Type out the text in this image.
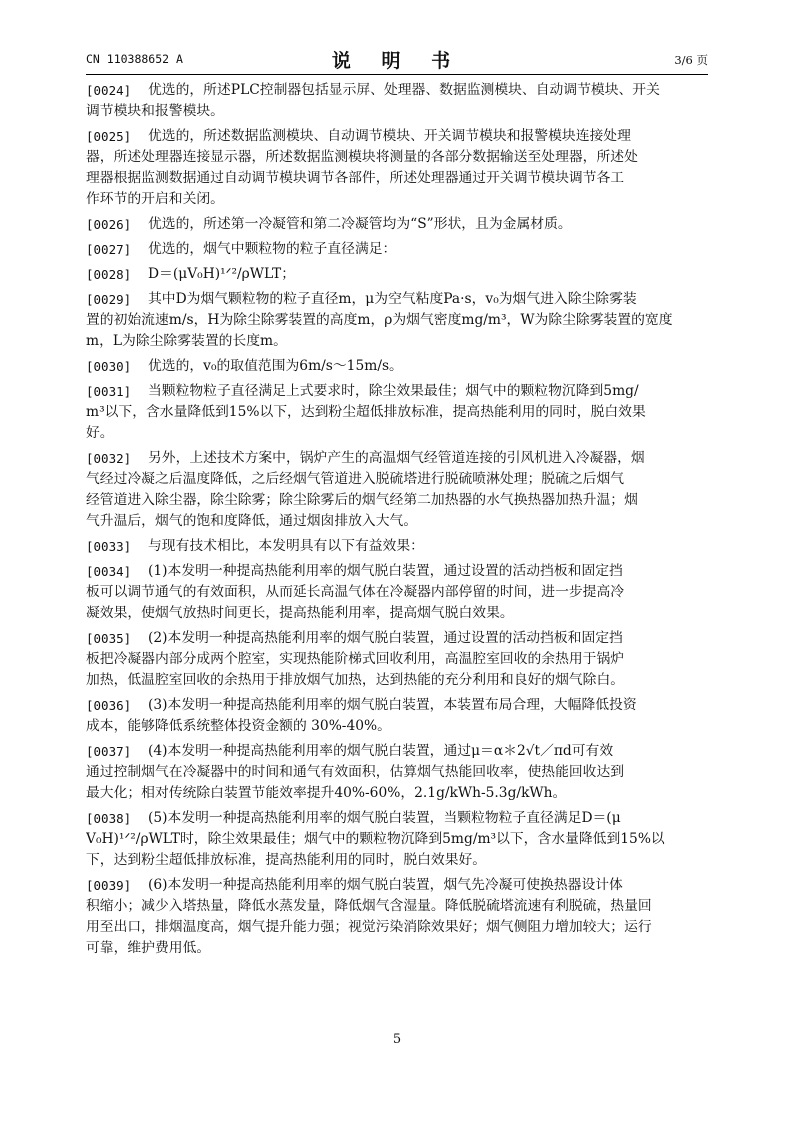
CN 110388652 A	说 明 书	3/6 页
[0024] 优选的，所述PLC控制器包括显示屏、处理器、数据监测模块、自动调节模块、开关
调节模块和报警模块。
[0025] 优选的，所述数据监测模块、自动调节模块、开关调节模块和报警模块连接处理
器，所述处理器连接显示器，所述数据监测模块将测量的各部分数据输送至处理器，所述处
理器根据监测数据通过自动调节模块调节各部件，所述处理器通过开关调节模块调节各工
作环节的开启和关闭。
[0026] 优选的，所述第一冷凝管和第二冷凝管均为“S”形状，且为金属材质。
[0027] 优选的，烟气中颗粒物的粒子直径满足：
[0028] D＝(μV₀H)¹ᐟ²/ρWLT；
[0029] 其中D为烟气颗粒物的粒子直径m，μ为空气粘度Pa·s，v₀为烟气进入除尘除雾装
置的初始流速m/s，H为除尘除雾装置的高度m，ρ为烟气密度mg/m³，W为除尘除雾装置的宽度
m，L为除尘除雾装置的长度m。
[0030] 优选的，v₀的取值范围为6m/s～15m/s。
[0031] 当颗粒物粒子直径满足上式要求时，除尘效果最佳；烟气中的颗粒物沉降到5mg/
m³以下，含水量降低到15%以下，达到粉尘超低排放标准，提高热能利用的同时，脱白效果
好。
[0032] 另外，上述技术方案中，锅炉产生的高温烟气经管道连接的引风机进入冷凝器，烟
气经过冷凝之后温度降低，之后经烟气管道进入脱硫塔进行脱硫喷淋处理；脱硫之后烟气
经管道进入除尘器，除尘除雾；除尘除雾后的烟气经第二加热器的水气换热器加热升温；烟
气升温后，烟气的饱和度降低，通过烟囱排放入大气。
[0033] 与现有技术相比，本发明具有以下有益效果：
[0034] (1)本发明一种提高热能利用率的烟气脱白装置，通过设置的活动挡板和固定挡
板可以调节通气的有效面积，从而延长高温气体在冷凝器内部停留的时间，进一步提高冷
凝效果，使烟气放热时间更长，提高热能利用率，提高烟气脱白效果。
[0035] (2)本发明一种提高热能利用率的烟气脱白装置，通过设置的活动挡板和固定挡
板把冷凝器内部分成两个腔室，实现热能阶梯式回收利用，高温腔室回收的余热用于锅炉
加热，低温腔室回收的余热用于排放烟气加热，达到热能的充分利用和良好的烟气除白。
[0036] (3)本发明一种提高热能利用率的烟气脱白装置，本装置布局合理，大幅降低投资
成本，能够降低系统整体投资金额的 30%-40%。
[0037] (4)本发明一种提高热能利用率的烟气脱白装置，通过μ＝α＊2√t／πd可有效
通过控制烟气在冷凝器中的时间和通气有效面积，估算烟气热能回收率，使热能回收达到
最大化；相对传统除白装置节能效率提升40%-60%，2.1g/kWh-5.3g/kWh。
[0038] (5)本发明一种提高热能利用率的烟气脱白装置，当颗粒物粒子直径满足D＝(μ
V₀H)¹ᐟ²/ρWLT时，除尘效果最佳；烟气中的颗粒物沉降到5mg/m³以下，含水量降低到15%以
下，达到粉尘超低排放标准，提高热能利用的同时，脱白效果好。
[0039] (6)本发明一种提高热能利用率的烟气脱白装置，烟气先冷凝可使换热器设计体
积缩小；减少入塔热量，降低水蒸发量，降低烟气含湿量。降低脱硫塔流速有利脱硫，热量回
用至出口，排烟温度高，烟气提升能力强；视觉污染消除效果好；烟气侧阻力增加较大；运行
可靠，维护费用低。
5
